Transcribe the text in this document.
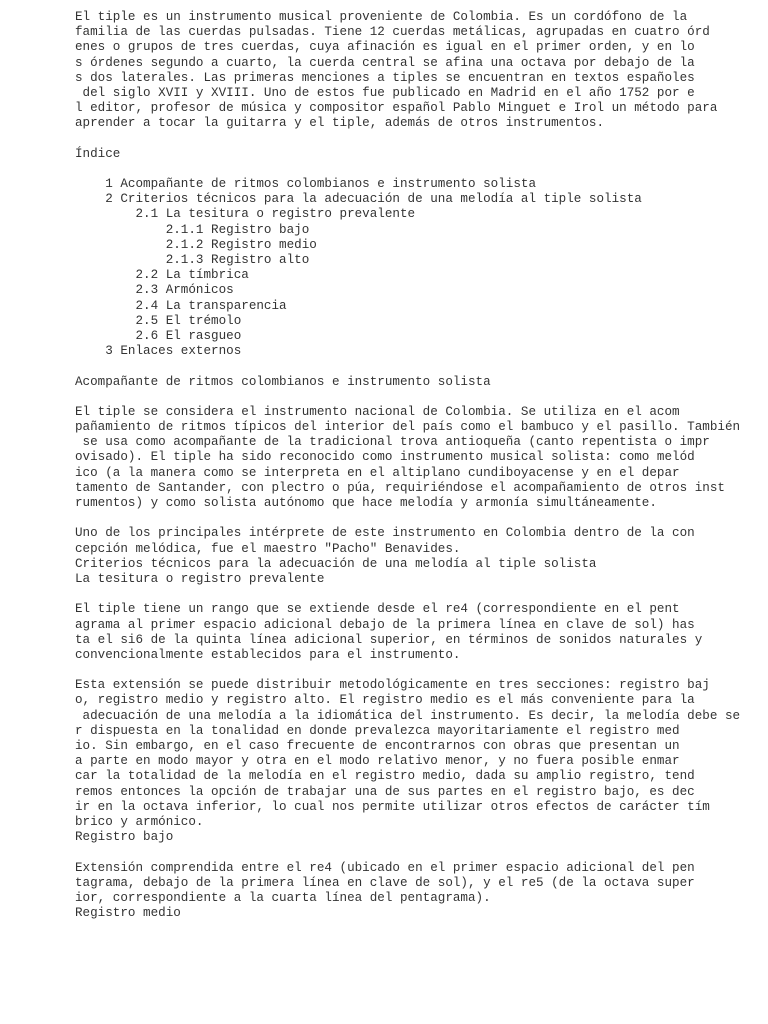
El tiple es un instrumento musical proveniente de Colombia. Es un cordófono de la
familia de las cuerdas pulsadas. Tiene 12 cuerdas metálicas, agrupadas en cuatro órd
enes o grupos de tres cuerdas, cuya afinación es igual en el primer orden, y en lo
s órdenes segundo a cuarto, la cuerda central se afina una octava por debajo de la
s dos laterales. Las primeras menciones a tiples se encuentran en textos españoles
del siglo XVII y XVIII. Uno de estos fue publicado en Madrid en el año 1752 por e
l editor, profesor de música y compositor español Pablo Minguet e Irol un método para
aprender a tocar la guitarra y el tiple, además de otros instrumentos.
Índice
1 Acompañante de ritmos colombianos e instrumento solista
2 Criterios técnicos para la adecuación de una melodía al tiple solista
2.1 La tesitura o registro prevalente
2.1.1 Registro bajo
2.1.2 Registro medio
2.1.3 Registro alto
2.2 La tímbrica
2.3 Armónicos
2.4 La transparencia
2.5 El trémolo
2.6 El rasgueo
3 Enlaces externos
Acompañante de ritmos colombianos e instrumento solista
El tiple se considera el instrumento nacional de Colombia. Se utiliza en el acom
pañamiento de ritmos típicos del interior del país como el bambuco y el pasillo. También
se usa como acompañante de la tradicional trova antioqueña (canto repentista o impr
ovisado). El tiple ha sido reconocido como instrumento musical solista: como melód
ico (a la manera como se interpreta en el altiplano cundiboyacense y en el depar
tamento de Santander, con plectro o púa, requiriéndose el acompañamiento de otros inst
rumentos) y como solista autónomo que hace melodía y armonía simultáneamente.
Uno de los principales intérprete de este instrumento en Colombia dentro de la con
cepción melódica, fue el maestro "Pacho" Benavides.
Criterios técnicos para la adecuación de una melodía al tiple solista
La tesitura o registro prevalente
El tiple tiene un rango que se extiende desde el re4 (correspondiente en el pent
agrama al primer espacio adicional debajo de la primera línea en clave de sol) has
ta el si6 de la quinta línea adicional superior, en términos de sonidos naturales y
convencionalmente establecidos para el instrumento.
Esta extensión se puede distribuir metodológicamente en tres secciones: registro baj
o, registro medio y registro alto. El registro medio es el más conveniente para la
adecuación de una melodía a la idiomática del instrumento. Es decir, la melodía debe se
r dispuesta en la tonalidad en donde prevalezca mayoritariamente el registro med
io. Sin embargo, en el caso frecuente de encontrarnos con obras que presentan un
a parte en modo mayor y otra en el modo relativo menor, y no fuera posible enmar
car la totalidad de la melodía en el registro medio, dada su amplio registro, tend
remos entonces la opción de trabajar una de sus partes en el registro bajo, es dec
ir en la octava inferior, lo cual nos permite utilizar otros efectos de carácter tím
brico y armónico.
Registro bajo
Extensión comprendida entre el re4 (ubicado en el primer espacio adicional del pen
tagrama, debajo de la primera línea en clave de sol), y el re5 (de la octava super
ior, correspondiente a la cuarta línea del pentagrama).
Registro medio
